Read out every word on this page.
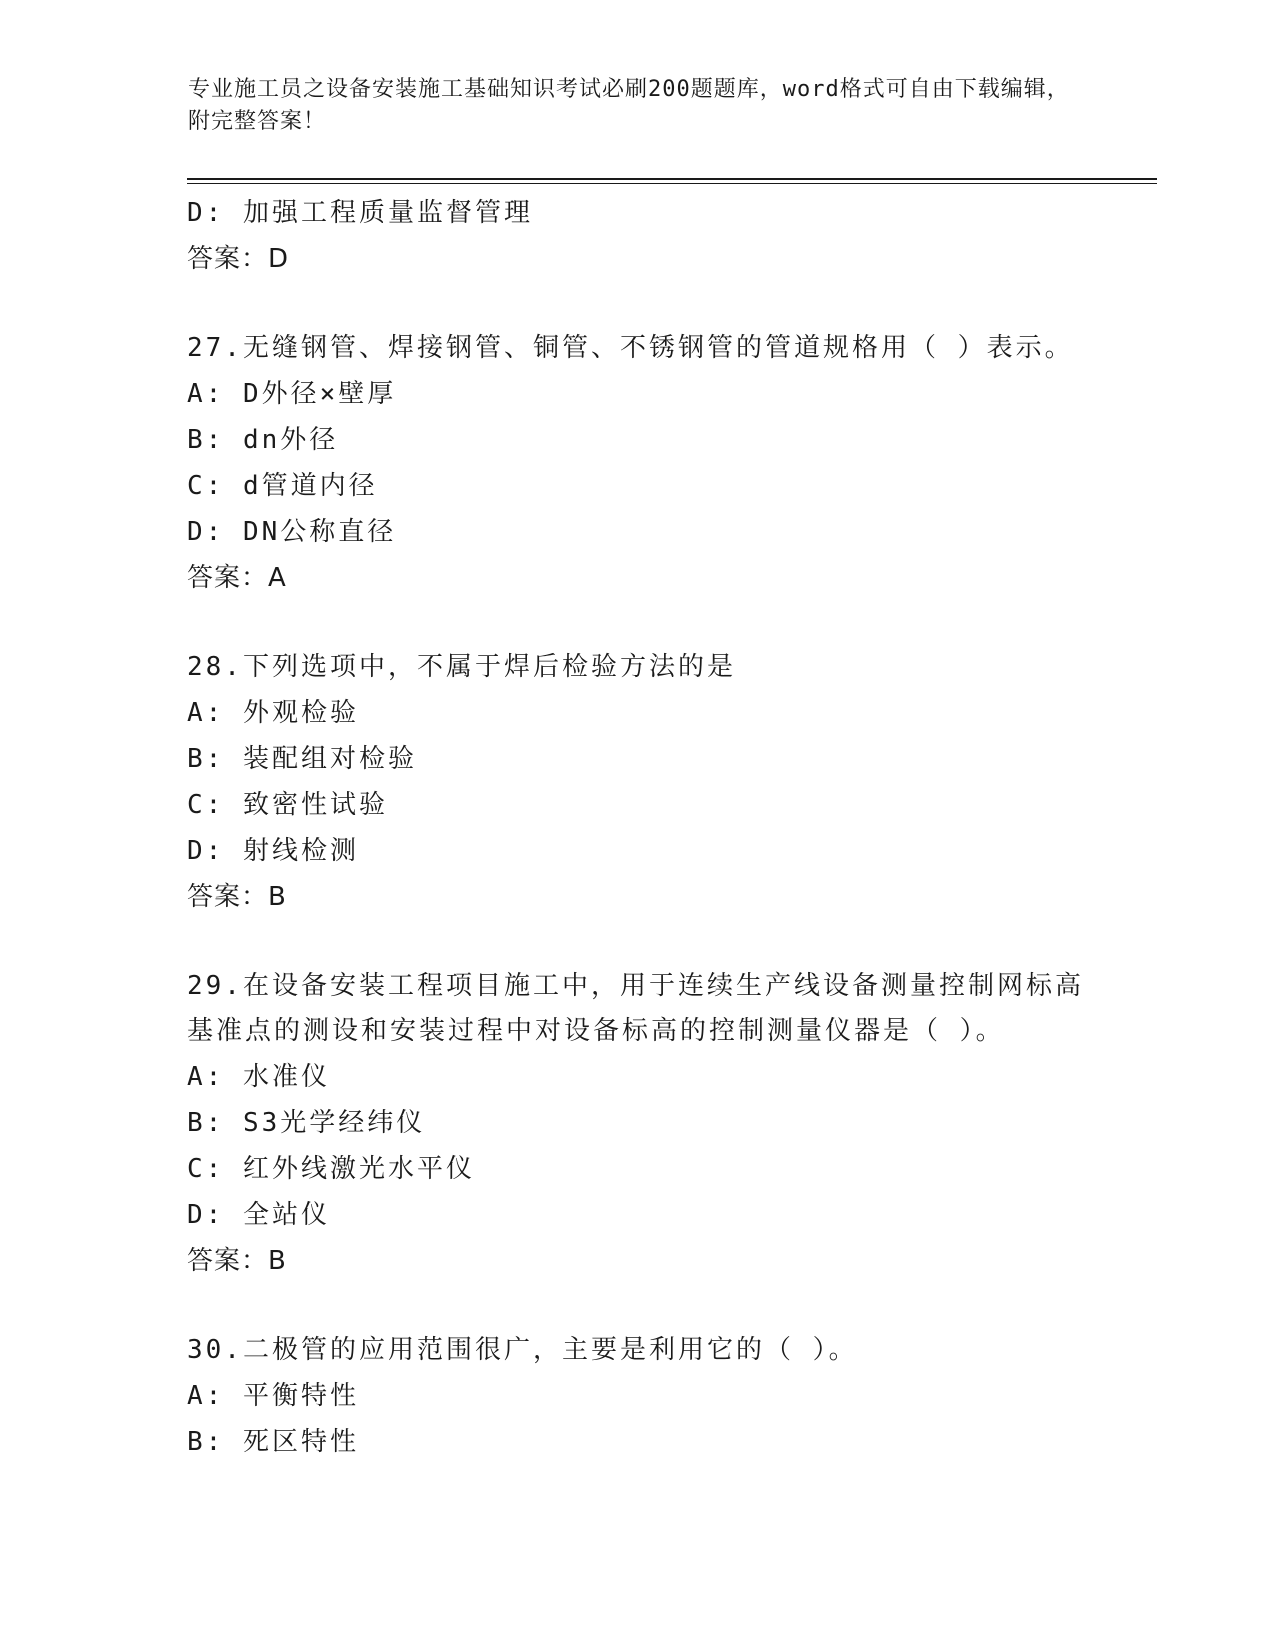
专业施工员之设备安装施工基础知识考试必刷200题题库，word格式可自由下载编辑，附完整答案！
D: 加强工程质量监督管理
答案：D
27.无缝钢管、焊接钢管、铜管、不锈钢管的管道规格用（ ）表示。
A: D外径×壁厚
B: dn外径
C: d管道内径
D: DN公称直径
答案：A
28.下列选项中，不属于焊后检验方法的是
A: 外观检验
B: 装配组对检验
C: 致密性试验
D: 射线检测
答案：B
29.在设备安装工程项目施工中，用于连续生产线设备测量控制网标高
基准点的测设和安装过程中对设备标高的控制测量仪器是（ ）。
A: 水准仪
B: S3光学经纬仪
C: 红外线激光水平仪
D: 全站仪
答案：B
30.二极管的应用范围很广，主要是利用它的（ ）。
A: 平衡特性
B: 死区特性
